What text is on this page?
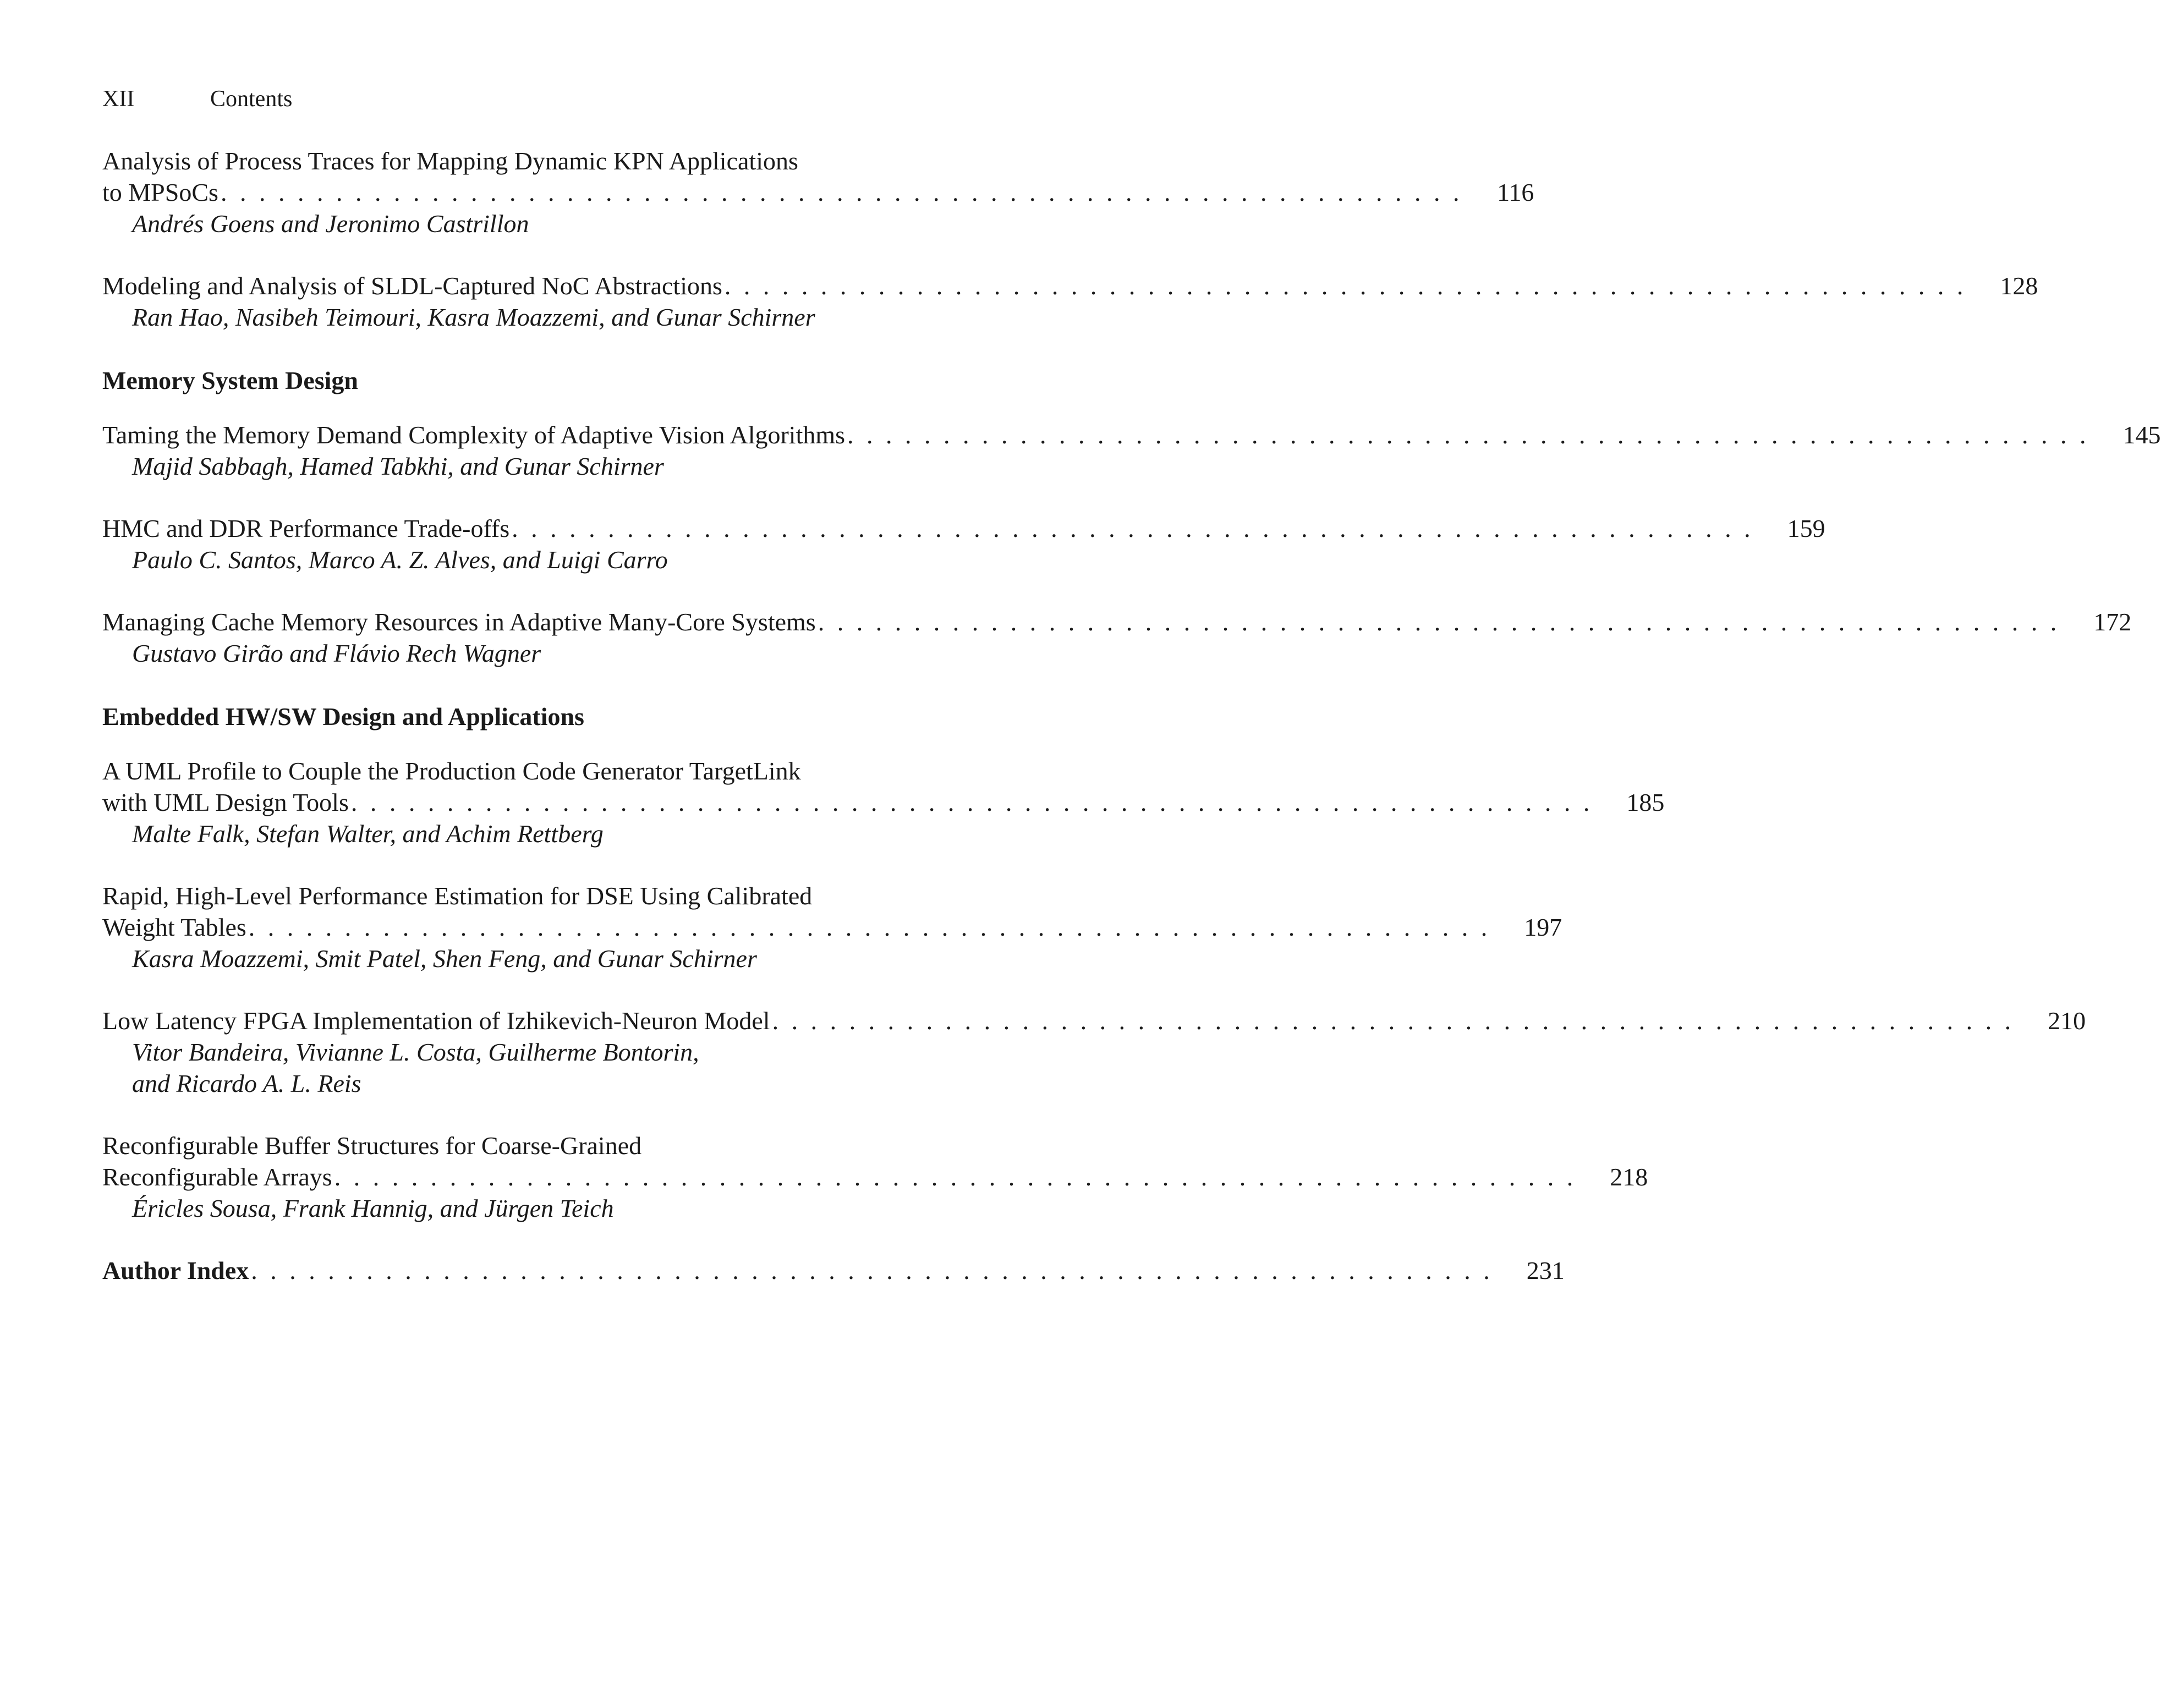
XII	Contents
Analysis of Process Traces for Mapping Dynamic KPN Applications
to MPSoCs . . . . . . . . . . . . . . . . . . . . . . . . . . . . . . . . . . . . . . . . . . . . . . . . . . . . . . . . . . . . . . . . .	116
Andrés Goens and Jeronimo Castrillon
Modeling and Analysis of SLDL-Captured NoC Abstractions . . . . . . . . . . . . . . . . . . . . . . . . . . . . . . . . . . . . . . . . . . . . . . . . . . . . . . . . . . . . . . . . .	128
Ran Hao, Nasibeh Teimouri, Kasra Moazzemi, and Gunar Schirner
Memory System Design
Taming the Memory Demand Complexity of Adaptive Vision Algorithms . . . . . . . . . . . . . . . . . . . . . . . . . . . . . . . . . . . . . . . . . . . . . . . . . . . . . . . . . . . . . . . . .	145
Majid Sabbagh, Hamed Tabkhi, and Gunar Schirner
HMC and DDR Performance Trade-offs . . . . . . . . . . . . . . . . . . . . . . . . . . . . . . . . . . . . . . . . . . . . . . . . . . . . . . . . . . . . . . . . .	159
Paulo C. Santos, Marco A. Z. Alves, and Luigi Carro
Managing Cache Memory Resources in Adaptive Many-Core Systems . . . . . . . . . . . . . . . . . . . . . . . . . . . . . . . . . . . . . . . . . . . . . . . . . . . . . . . . . . . . . . . . .	172
Gustavo Girão and Flávio Rech Wagner
Embedded HW/SW Design and Applications
A UML Profile to Couple the Production Code Generator TargetLink
with UML Design Tools . . . . . . . . . . . . . . . . . . . . . . . . . . . . . . . . . . . . . . . . . . . . . . . . . . . . . . . . . . . . . . . . .	185
Malte Falk, Stefan Walter, and Achim Rettberg
Rapid, High-Level Performance Estimation for DSE Using Calibrated
Weight Tables . . . . . . . . . . . . . . . . . . . . . . . . . . . . . . . . . . . . . . . . . . . . . . . . . . . . . . . . . . . . . . . . .	197
Kasra Moazzemi, Smit Patel, Shen Feng, and Gunar Schirner
Low Latency FPGA Implementation of Izhikevich-Neuron Model . . . . . . . . . . . . . . . . . . . . . . . . . . . . . . . . . . . . . . . . . . . . . . . . . . . . . . . . . . . . . . . . .	210
Vitor Bandeira, Vivianne L. Costa, Guilherme Bontorin,
and Ricardo A. L. Reis
Reconfigurable Buffer Structures for Coarse-Grained
Reconfigurable Arrays . . . . . . . . . . . . . . . . . . . . . . . . . . . . . . . . . . . . . . . . . . . . . . . . . . . . . . . . . . . . . . . . .	218
Éricles Sousa, Frank Hannig, and Jürgen Teich
Author Index . . . . . . . . . . . . . . . . . . . . . . . . . . . . . . . . . . . . . . . . . . . . . . . . . . . . . . . . . . . . . . . . .	231
